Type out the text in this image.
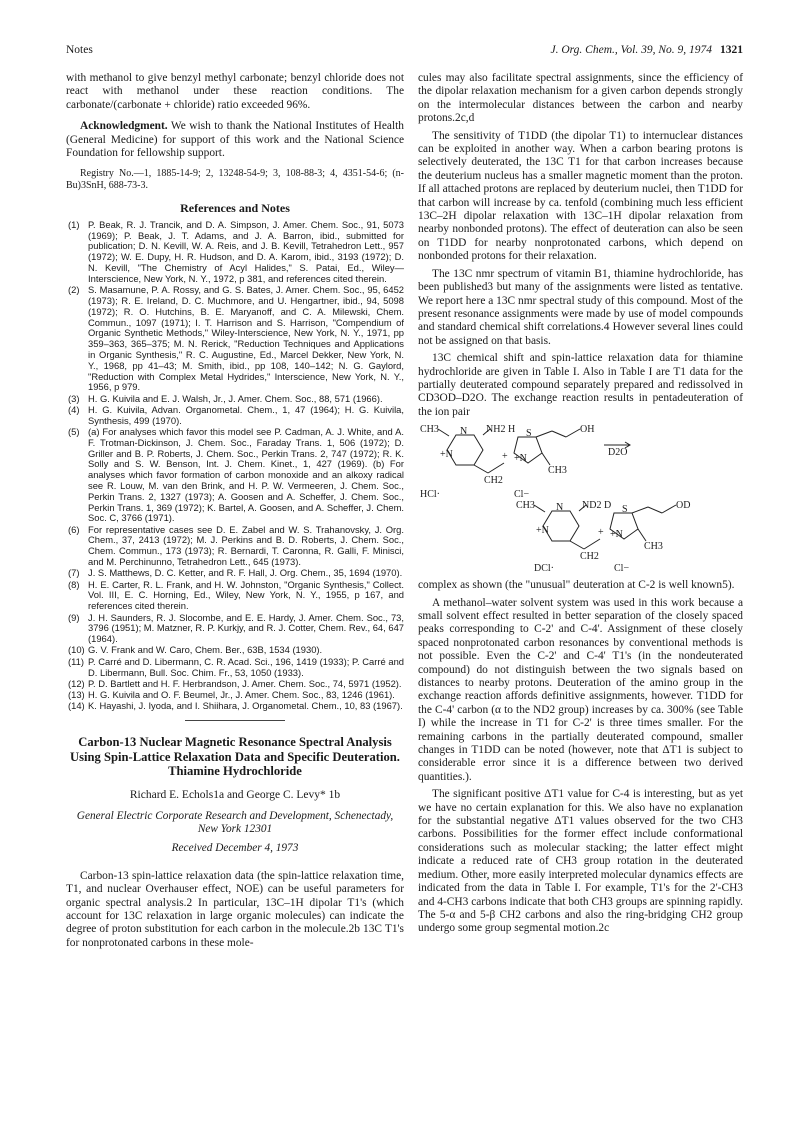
Notes	J. Org. Chem., Vol. 39, No. 9, 1974 1321

with methanol to give benzyl methyl carbonate; benzyl chloride does not react with methanol under these reaction conditions. The carbonate/(carbonate + chloride) ratio exceeded 96%.

Acknowledgment. We wish to thank the National Institutes of Health (General Medicine) for support of this work and the National Science Foundation for fellowship support.

Registry No.—1, 1885-14-9; 2, 13248-54-9; 3, 108-88-3; 4, 4351-54-6; (n-Bu)3SnH, 688-73-3.

References and Notes
(1) P. Beak, R. J. Trancik, and D. A. Simpson, J. Amer. Chem. Soc., 91, 5073 (1969); P. Beak, J. T. Adams, and J. A. Barron, ibid., submitted for publication; D. N. Kevill, W. A. Reis, and J. B. Kevill, Tetrahedron Lett., 957 (1972); W. E. Dupy, H. R. Hudson, and D. A. Karom, ibid., 3193 (1972); D. N. Kevill, "The Chemistry of Acyl Halides," S. Patai, Ed., Wiley—Interscience, New York, N. Y., 1972, p 381, and references cited therein.
(2) S. Masamune, P. A. Rossy, and G. S. Bates, J. Amer. Chem. Soc., 95, 6452 (1973); R. E. Ireland, D. C. Muchmore, and U. Hengartner, ibid., 94, 5098 (1972); R. O. Hutchins, B. E. Maryanoff, and C. A. Milewski, Chem. Commun., 1097 (1971); I. T. Harrison and S. Harrison, "Compendium of Organic Synthetic Methods," Wiley-Interscience, New York, N. Y., 1971, pp 359–363, 365–375; M. N. Rerick, "Reduction Techniques and Applications in Organic Synthesis," R. C. Augustine, Ed., Marcel Dekker, New York, N. Y., 1968, pp 41–43; M. Smith, ibid., pp 108, 140–142; N. G. Gaylord, "Reduction with Complex Metal Hydrides," Interscience, New York, N. Y., 1956, p 979.
(3) H. G. Kuivila and E. J. Walsh, Jr., J. Amer. Chem. Soc., 88, 571 (1966).
(4) H. G. Kuivila, Advan. Organometal. Chem., 1, 47 (1964); H. G. Kuivila, Synthesis, 499 (1970).
(5) (a) For analyses which favor this model see P. Cadman, A. J. White, and A. F. Trotman-Dickinson, J. Chem. Soc., Faraday Trans. 1, 506 (1972); D. Griller and B. P. Roberts, J. Chem. Soc., Perkin Trans. 2, 747 (1972); R. K. Solly and S. W. Benson, Int. J. Chem. Kinet., 1, 427 (1969). (b) For analyses which favor formation of carbon monoxide and an alkoxy radical see R. Louw, M. van den Brink, and H. P. W. Vermeeren, J. Chem. Soc., Perkin Trans. 2, 1327 (1973); A. Goosen and A. Scheffer, J. Chem. Soc., Perkin Trans. 1, 369 (1972); K. Bartel, A. Goosen, and A. Scheffer, J. Chem. Soc. C, 3766 (1971).
(6) For representative cases see D. E. Zabel and W. S. Trahanovsky, J. Org. Chem., 37, 2413 (1972); M. J. Perkins and B. D. Roberts, J. Chem. Soc., Chem. Commun., 173 (1973); R. Bernardi, T. Caronna, R. Galli, F. Minisci, and M. Perchinunno, Tetrahedron Lett., 645 (1973).
(7) J. S. Matthews, D. C. Ketter, and R. F. Hall, J. Org. Chem., 35, 1694 (1970).
(8) H. E. Carter, R. L. Frank, and H. W. Johnston, "Organic Synthesis," Collect. Vol. III, E. C. Horning, Ed., Wiley, New York, N. Y., 1955, p 167, and references cited therein.
(9) J. H. Saunders, R. J. Slocombe, and E. E. Hardy, J. Amer. Chem. Soc., 73, 3796 (1951); M. Matzner, R. P. Kurkjy, and R. J. Cotter, Chem. Rev., 64, 647 (1964).
(10) G. V. Frank and W. Caro, Chem. Ber., 63B, 1534 (1930).
(11) P. Carré and D. Libermann, C. R. Acad. Sci., 196, 1419 (1933); P. Carré and D. Libermann, Bull. Soc. Chim. Fr., 53, 1050 (1933).
(12) P. D. Bartlett and H. F. Herbrandson, J. Amer. Chem. Soc., 74, 5971 (1952).
(13) H. G. Kuivila and O. F. Beumel, Jr., J. Amer. Chem. Soc., 83, 1246 (1961).
(14) K. Hayashi, J. Iyoda, and I. Shiihara, J. Organometal. Chem., 10, 83 (1967).
Carbon-13 Nuclear Magnetic Resonance Spectral Analysis Using Spin-Lattice Relaxation Data and Specific Deuteration. Thiamine Hydrochloride
Richard E. Echols1a and George C. Levy* 1b
General Electric Corporate Research and Development, Schenectady, New York 12301
Received December 4, 1973

Carbon-13 spin-lattice relaxation data (the spin-lattice relaxation time, T1, and nuclear Overhauser effect, NOE) can be useful parameters for organic spectral analysis.2 In particular, 13C–1H dipolar T1's (which account for 13C relaxation in large organic molecules) can indicate the degree of proton substitution for each carbon in the molecule.2b 13C T1's for nonprotonated carbons in these mole-

cules may also facilitate spectral assignments, since the efficiency of the dipolar relaxation mechanism for a given carbon depends strongly on the intermolecular distances between the carbon and nearby protons.2c,d

The sensitivity of T1DD (the dipolar T1) to internuclear distances can be exploited in another way. When a carbon bearing protons is selectively deuterated, the 13C T1 for that carbon increases because the deuterium nucleus has a smaller magnetic moment than the proton. If all attached protons are replaced by deuterium nuclei, then T1DD for that carbon will increase by ca. tenfold (combining much less efficient 13C–2H dipolar relaxation with 13C–1H dipolar relaxation from nearby nonbonded protons). The effect of deuteration can also be seen on T1DD for nearby nonprotonated carbons, which depend on nonbonded protons for their relaxation.

The 13C nmr spectrum of vitamin B1, thiamine hydrochloride, has been published3 but many of the assignments were listed as tentative. We report here a 13C nmr spectral study of this compound. Most of the present resonance assignments were made by use of model compounds and standard chemical shift correlations.4 However several lines could not be assigned on that basis.

13C chemical shift and spin-lattice relaxation data for thiamine hydrochloride are given in Table I. Also in Table I are T1 data for the partially deuterated compound separately prepared and redissolved in CD3OD–D2O. The exchange reaction results in pentadeuteration of the ion pair

CH3 N NH2 H S	OH
+N	+ +N
CH2
CH3
D2O
HCl·	Cl−
CH3 N ND2 D S	OD
+N	+ +N
CH2
CH3
DCl·	Cl−

complex as shown (the "unusual" deuteration at C-2 is well known5).

A methanol–water solvent system was used in this work because a small solvent effect resulted in better separation of the closely spaced peaks corresponding to C-2' and C-4'. Assignment of these closely spaced nonprotonated carbon resonances by conventional methods is not possible. Even the C-2' and C-4' T1's (in the nondeuterated compound) do not distinguish between the two signals based on distances to nearby protons. Deuteration of the amino group in the exchange reaction affords definitive assignments, however. T1DD for the C-4' carbon (α to the ND2 group) increases by ca. 300% (see Table I) while the increase in T1 for C-2' is three times smaller. For the remaining carbons in the partially deuterated compound, smaller changes in T1DD can be noted (however, note that ΔT1 is subject to considerable error since it is a difference between two derived quantities.).

The significant positive ΔT1 value for C-4 is interesting, but as yet we have no certain explanation for this. We also have no explanation for the substantial negative ΔT1 values observed for the two CH3 carbons. Possibilities for the former effect include conformational considerations such as molecular stacking; the latter effect might indicate a reduced rate of CH3 group rotation in the deuterated medium. Other, more easily interpreted molecular dynamics effects are indicated from the data in Table I. For example, T1's for the 2'-CH3 and 4-CH3 carbons indicate that both CH3 groups are spinning rapidly. The 5-α and 5-β CH2 carbons and also the ring-bridging CH2 group undergo some group segmental motion.2c
